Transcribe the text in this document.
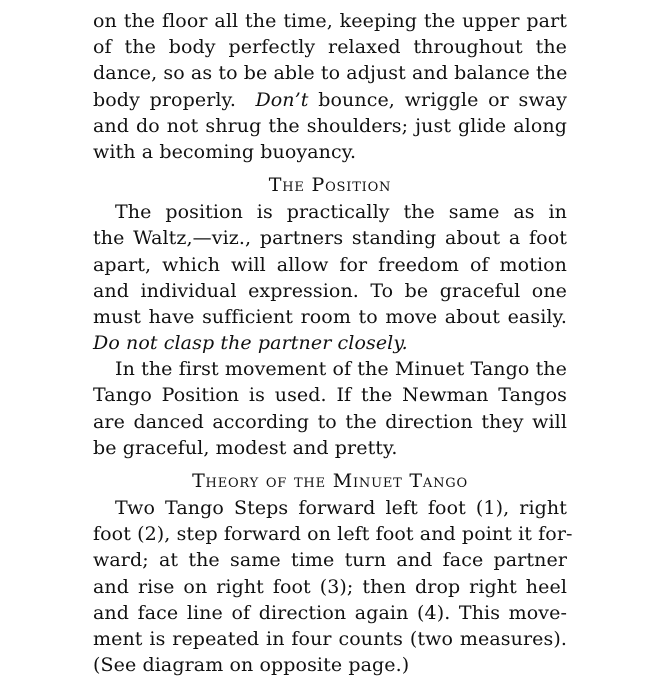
on the floor all the time, keeping the upper part
of the body perfectly relaxed throughout the
dance, so as to be able to adjust and balance the
body properly. Don’t bounce, wriggle or sway
and do not shrug the shoulders; just glide along
with a becoming buoyancy.
The Position
The position is practically the same as in
the Waltz,—viz., partners standing about a foot
apart, which will allow for freedom of motion
and individual expression. To be graceful one
must have sufficient room to move about easily.
Do not clasp the partner closely.
In the first movement of the Minuet Tango the
Tango Position is used. If the Newman Tangos
are danced according to the direction they will
be graceful, modest and pretty.
Theory of the Minuet Tango
Two Tango Steps forward left foot (1), right
foot (2), step forward on left foot and point it for-
ward; at the same time turn and face partner
and rise on right foot (3); then drop right heel
and face line of direction again (4). This move-
ment is repeated in four counts (two measures).
(See diagram on opposite page.)
